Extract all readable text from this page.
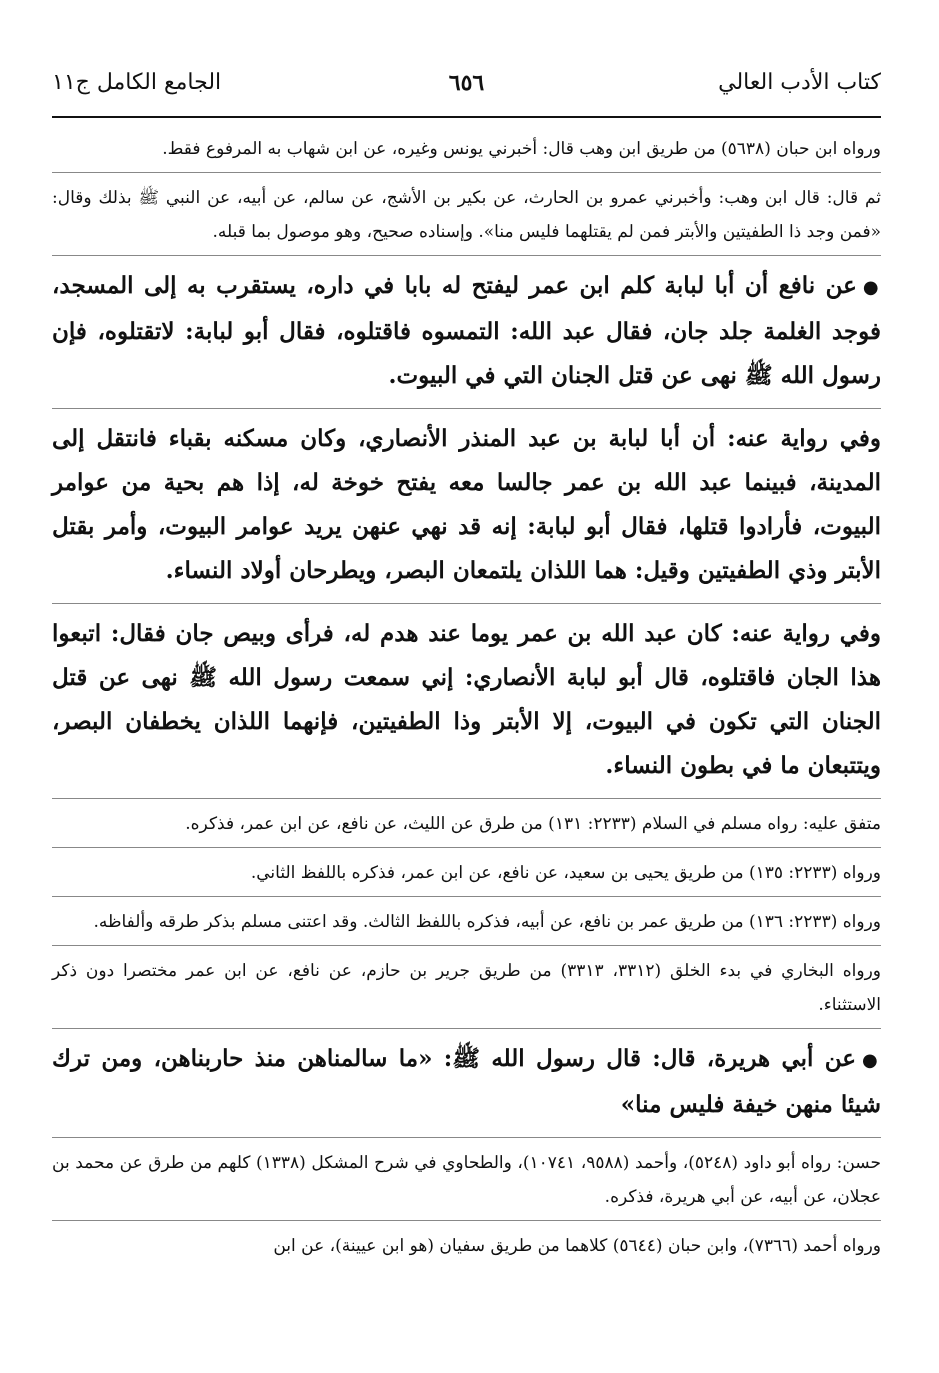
كتاب الأدب العالي
٦٥٦
الجامع الكامل ج١١

ورواه ابن حبان (٥٦٣٨) من طريق ابن وهب قال: أخبرني يونس وغيره، عن ابن شهاب به المرفوع فقط.

ثم قال: قال ابن وهب: وأخبرني عمرو بن الحارث، عن بكير بن الأشج، عن سالم، عن أبيه، عن النبي ﷺ بذلك وقال: «فمن وجد ذا الطفيتين والأبتر فمن لم يقتلهما فليس منا». وإسناده صحيح، وهو موصول بما قبله.

●عن نافع أن أبا لبابة كلم ابن عمر ليفتح له بابا في داره، يستقرب به إلى المسجد، فوجد الغلمة جلد جان، فقال عبد الله: التمسوه فاقتلوه، فقال أبو لبابة: لاتقتلوه، فإن رسول الله ﷺ نهى عن قتل الجنان التي في البيوت.

وفي رواية عنه: أن أبا لبابة بن عبد المنذر الأنصاري، وكان مسكنه بقباء فانتقل إلى المدينة، فبينما عبد الله بن عمر جالسا معه يفتح خوخة له، إذا هم بحية من عوامر البيوت، فأرادوا قتلها، فقال أبو لبابة: إنه قد نهي عنهن يريد عوامر البيوت، وأمر بقتل الأبتر وذي الطفيتين وقيل: هما اللذان يلتمعان البصر، ويطرحان أولاد النساء.

وفي رواية عنه: كان عبد الله بن عمر يوما عند هدم له، فرأى وبيص جان فقال: اتبعوا هذا الجان فاقتلوه، قال أبو لبابة الأنصاري: إني سمعت رسول الله ﷺ نهى عن قتل الجنان التي تكون في البيوت، إلا الأبتر وذا الطفيتين، فإنهما اللذان يخطفان البصر، ويتتبعان ما في بطون النساء.

متفق عليه: رواه مسلم في السلام (٢٢٣٣: ١٣١) من طرق عن الليث، عن نافع، عن ابن عمر، فذكره.

ورواه (٢٢٣٣: ١٣٥) من طريق يحيى بن سعيد، عن نافع، عن ابن عمر، فذكره باللفظ الثاني.

ورواه (٢٢٣٣: ١٣٦) من طريق عمر بن نافع، عن أبيه، فذكره باللفظ الثالث. وقد اعتنى مسلم بذكر طرقه وألفاظه.

ورواه البخاري في بدء الخلق (٣٣١٢، ٣٣١٣) من طريق جرير بن حازم، عن نافع، عن ابن عمر مختصرا دون ذكر الاستثناء.

●عن أبي هريرة، قال: قال رسول الله ﷺ: «ما سالمناهن منذ حاربناهن، ومن ترك شيئا منهن خيفة فليس منا»

حسن: رواه أبو داود (٥٢٤٨)، وأحمد (٩٥٨٨، ١٠٧٤١)، والطحاوي في شرح المشكل (١٣٣٨) كلهم من طرق عن محمد بن عجلان، عن أبيه، عن أبي هريرة، فذكره.

ورواه أحمد (٧٣٦٦)، وابن حبان (٥٦٤٤) كلاهما من طريق سفيان (هو ابن عيينة)، عن ابن
